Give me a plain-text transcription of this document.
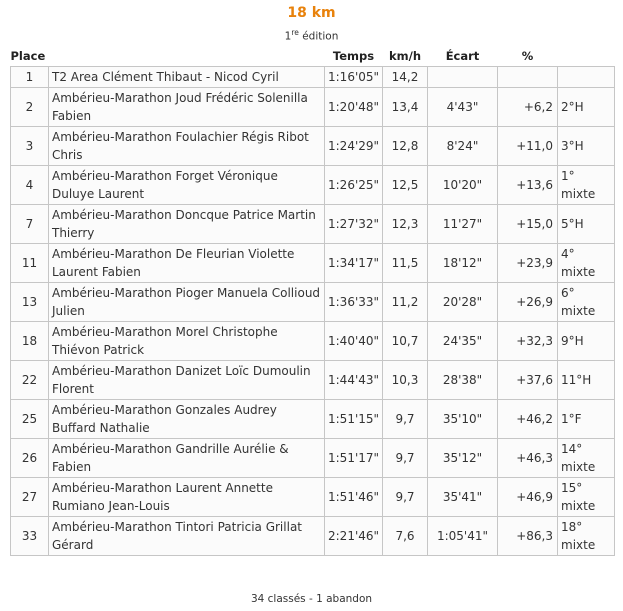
18 km
1re édition
Place		Temps	km/h	Écart	%	
1	T2 Area Clément Thibaut - Nicod Cyril	1:16'05"	14,2			
2	Ambérieu-Marathon Joud Frédéric Solenilla Fabien	1:20'48"	13,4	4'43"	+6,2	2°H
3	Ambérieu-Marathon Foulachier Régis Ribot Chris	1:24'29"	12,8	8'24"	+11,0	3°H
4	Ambérieu-Marathon Forget Véronique Duluye Laurent	1:26'25"	12,5	10'20"	+13,6	1° mixte
7	Ambérieu-Marathon Doncque Patrice Martin Thierry	1:27'32"	12,3	11'27"	+15,0	5°H
11	Ambérieu-Marathon De Fleurian Violette Laurent Fabien	1:34'17"	11,5	18'12"	+23,9	4° mixte
13	Ambérieu-Marathon Pioger Manuela Collioud Julien	1:36'33"	11,2	20'28"	+26,9	6° mixte
18	Ambérieu-Marathon Morel Christophe Thiévon Patrick	1:40'40"	10,7	24'35"	+32,3	9°H
22	Ambérieu-Marathon Danizet Loïc Dumoulin Florent	1:44'43"	10,3	28'38"	+37,6	11°H
25	Ambérieu-Marathon Gonzales Audrey Buffard Nathalie	1:51'15"	9,7	35'10"	+46,2	1°F
26	Ambérieu-Marathon Gandrille Aurélie & Fabien	1:51'17"	9,7	35'12"	+46,3	14° mixte
27	Ambérieu-Marathon Laurent Annette Rumiano Jean-Louis	1:51'46"	9,7	35'41"	+46,9	15° mixte
33	Ambérieu-Marathon Tintori Patricia Grillat Gérard	2:21'46"	7,6	1:05'41"	+86,3	18° mixte
34 classés - 1 abandon
